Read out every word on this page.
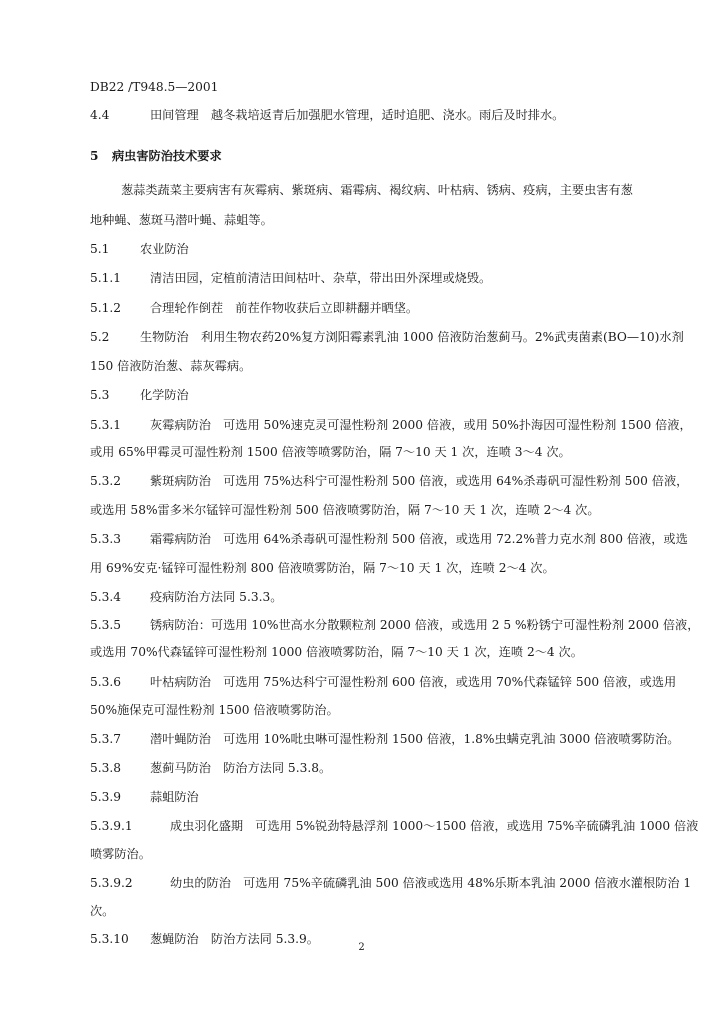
DB22 /T948.5—2001
4.4	田间管理　越冬栽培返青后加强肥水管理，适时追肥、浇水。雨后及时排水。
5 病虫害防治技术要求
葱蒜类蔬菜主要病害有灰霉病、紫斑病、霜霉病、褐纹病、叶枯病、锈病、疫病，主要虫害有葱
地种蝇、葱斑马潜叶蝇、蒜蛆等。
5.1	农业防治
5.1.1 清洁田园，定植前清洁田间枯叶、杂草，带出田外深埋或烧毁。
5.1.2 合理轮作倒茬　前茬作物收获后立即耕翻并晒垡。
5.2	生物防治　利用生物农药20%复方浏阳霉素乳油 1000 倍液防治葱蓟马。2%武夷菌素(BO—10)水剂
150 倍液防治葱、蒜灰霉病。
5.3	化学防治
5.3.1 灰霉病防治　可选用 50%速克灵可湿性粉剂 2000 倍液，或用 50%扑海因可湿性粉剂 1500 倍液，
或用 65%甲霉灵可湿性粉剂 1500 倍液等喷雾防治，隔 7～10 天 1 次，连喷 3～4 次。
5.3.2 紫斑病防治　可选用 75%达科宁可湿性粉剂 500 倍液，或选用 64%杀毒矾可湿性粉剂 500 倍液，
或选用 58%雷多米尔锰锌可湿性粉剂 500 倍液喷雾防治，隔 7～10 天 1 次，连喷 2～4 次。
5.3.3 霜霉病防治　可选用 64%杀毒矾可湿性粉剂 500 倍液，或选用 72.2%普力克水剂 800 倍液，或选
用 69%安克·锰锌可湿性粉剂 800 倍液喷雾防治，隔 7～10 天 1 次，连喷 2～4 次。
5.3.4 疫病防治方法同 5.3.3。
5.3.5 锈病防治：可选用 10%世高水分散颗粒剂 2000 倍液，或选用 2 5 %粉锈宁可湿性粉剂 2000 倍液，
或选用 70%代森锰锌可湿性粉剂 1000 倍液喷雾防治，隔 7～10 天 1 次，连喷 2～4 次。
5.3.6 叶枯病防治　可选用 75%达科宁可湿性粉剂 600 倍液，或选用 70%代森锰锌 500 倍液，或选用
50%施保克可湿性粉剂 1500 倍液喷雾防治。
5.3.7 潜叶蝇防治　可选用 10%吡虫啉可湿性粉剂 1500 倍液，1.8%虫螨克乳油 3000 倍液喷雾防治。
5.3.8 葱蓟马防治　防治方法同 5.3.8。
5.3.9 蒜蛆防治
5.3.9.1	成虫羽化盛期　可选用 5%锐劲特悬浮剂 1000～1500 倍液，或选用 75%辛硫磷乳油 1000 倍液
喷雾防治。
5.3.9.2	幼虫的防治　可选用 75%辛硫磷乳油 500 倍液或选用 48%乐斯本乳油 2000 倍液水灌根防治 1
次。
5.3.10 葱蝇防治　防治方法同 5.3.9。
2
